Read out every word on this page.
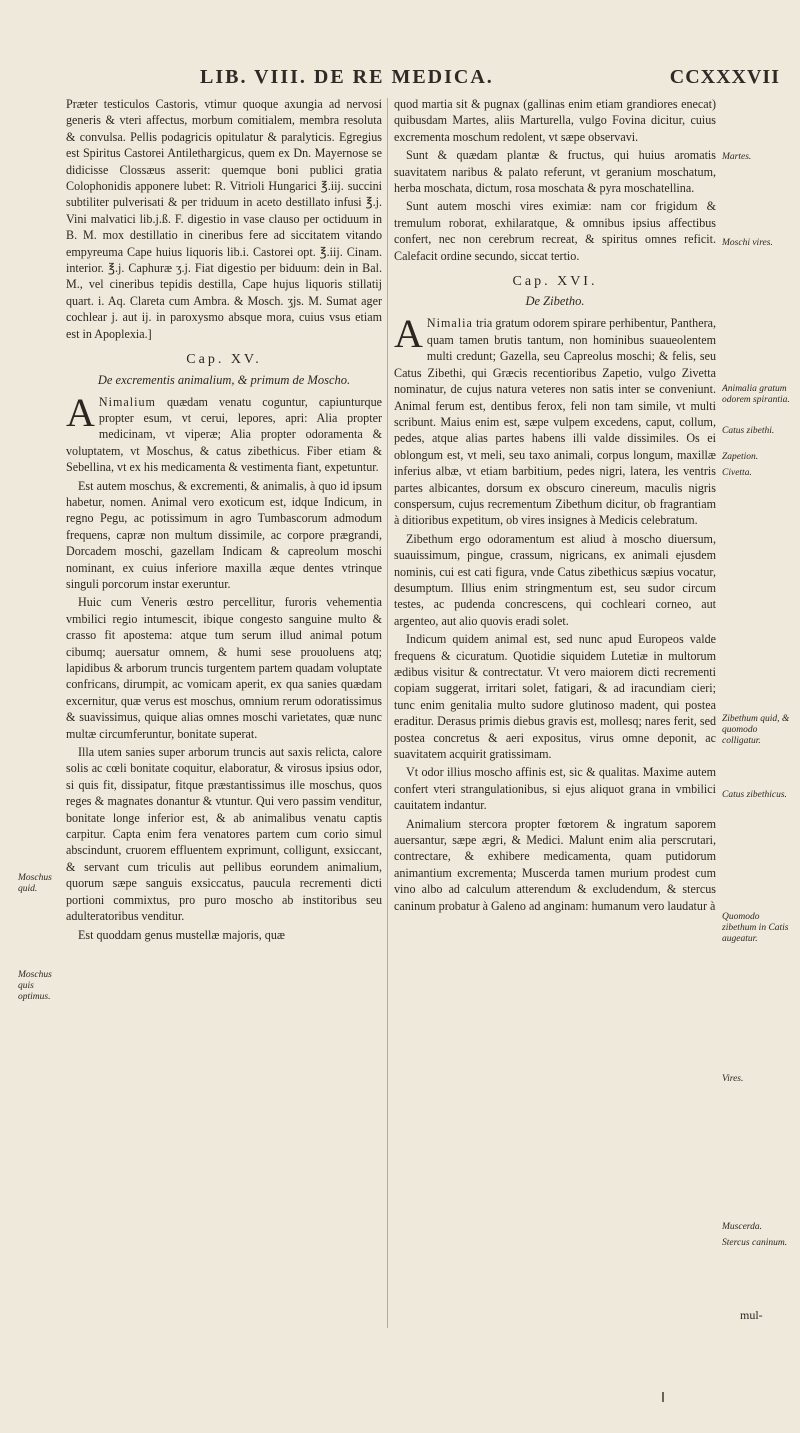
LIB. VIII. DE RE MEDICA.	CCXXXVII

Præter testiculos Castoris, vtimur quoque axungia ad nervosi generis & vteri affectus, morbum comitialem, membra resoluta & convulsa. Pellis podagricis opitulatur & paralyticis. Egregius est Spiritus Castorei Antilethargicus, quem ex Dn. Mayernose se didicisse Clossæus asserit: quemque boni publici gratia Colophonidis apponere lubet: R. Vitrioli Hungarici ℥.iij. succini subtiliter pulverisati & per triduum in aceto destillato infusi ℥.j. Vini malvatici lib.j.ß. F. digestio in vase clauso per octiduum in B. M. mox destillatio in cineribus fere ad siccitatem vitando empyreuma Cape huius liquoris lib.i. Castorei opt. ℥.iij. Cinam. interior. ℥.j. Caphuræ ʒ.j. Fiat digestio per biduum: dein in Bal. M., vel cineribus tepidis destilla, Cape hujus liquoris stillatij quart. i. Aq. Clareta cum Ambra. & Mosch. ʒjs. M. Sumat ager cochlear j. aut ij. in paroxysmo absque mora, cuius vsus etiam est in Apoplexia.]

Cap. XV.
De excrementis animalium, & primum de Moscho.

A Nimalium quædam venatu coguntur, capiunturque propter esum, vt cerui, lepores, apri: Alia propter medicinam, vt viperæ; Alia propter odoramenta & voluptatem, vt Moschus, & catus zibethicus. Fiber etiam & Sebellina, vt ex his medicamenta & vestimenta fiant, expetuntur.

Est autem moschus, & excrementi, & animalis, à quo id ipsum habetur, nomen. Animal vero exoticum est, idque Indicum, in regno Pegu, ac potissimum in agro Tumbascorum admodum frequens, capræ non multum dissimile, ac corpore prægrandi, Dorcadem moschi, gazellam Indicam & capreolum moschi nominant, ex cuius inferiore maxilla æque dentes vtrinque singuli porcorum instar exeruntur.

Huic cum Veneris œstro percellitur, furoris vehementia vmbilici regio intumescit, ibique congesto sanguine multo & crasso fit apostema: atque tum serum illud animal potum cibumq; auersatur omnem, & humi sese prouoluens atq; lapidibus & arborum truncis turgentem partem quadam voluptate confricans, dirumpit, ac vomicam aperit, ex qua sanies quædam excernitur, quæ verus est moschus, omnium rerum odoratissimus & suavissimus, quique alias omnes moschi varietates, quæ nunc multæ circumferuntur, bonitate superat.

Illa utem sanies super arborum truncis aut saxis relicta, calore solis ac cœli bonitate coquitur, elaboratur, & virosus ipsius odor, si quis fit, dissipatur, fitque præstantissimus ille moschus, quos reges & magnates donantur & vtuntur. Qui vero passim venditur, bonitate longe inferior est, & ab animalibus venatu captis carpitur. Capta enim fera venatores partem cum corio simul abscindunt, cruorem effluentem exprimunt, colligunt, exsiccant, & servant cum triculis aut pellibus eorundem animalium, quorum sæpe sanguis exsiccatus, paucula recrementi dicti portioni commixtus, pro puro moscho ab institoribus seu adulteratoribus venditur.

Est quoddam genus mustellæ majoris, quæ

Moschus quid.
Moschus quis optimus.

quod martia sit & pugnax (gallinas enim etiam grandiores enecat) quibusdam Martes, aliis Marturella, vulgo Fovina dicitur, cuius excrementa moschum redolent, vt sæpe observavi.

Sunt & quædam plantæ & fructus, qui huius aromatis suavitatem naribus & palato referunt, vt geranium moschatum, herba moschata, dictum, rosa moschata & pyra moschatellina.

Sunt autem moschi vires eximiæ: nam cor frigidum & tremulum roborat, exhilaratque, & omnibus ipsius affectibus confert, nec non cerebrum recreat, & spiritus omnes reficit. Calefacit ordine secundo, siccat tertio.

Cap. XVI.
De Zibetho.

A Nimalia tria gratum odorem spirare perhibentur, Panthera, quam tamen brutis tantum, non hominibus suaueolentem multi credunt; Gazella, seu Capreolus moschi; & felis, seu Catus Zibethi, qui Græcis recentioribus Zapetio, vulgo Zivetta nominatur, de cujus natura veteres non satis inter se conveniunt. Animal ferum est, dentibus ferox, feli non tam simile, vt multi scribunt. Maius enim est, sæpe vulpem excedens, caput, collum, pedes, atque alias partes habens illi valde dissimiles. Os ei oblongum est, vt meli, seu taxo animali, corpus longum, maxillæ inferius albæ, vt etiam barbitium, pedes nigri, latera, les ventris partes albicantes, dorsum ex obscuro cinereum, maculis nigris conspersum, cujus recrementum Zibethum dicitur, ob fragrantiam à ditioribus expetitum, ob vires insignes à Medicis celebratum.

Zibethum ergo odoramentum est aliud à moscho diuersum, suauissimum, pingue, crassum, nigricans, ex animali ejusdem nominis, cui est cati figura, vnde Catus zibethicus sæpius vocatur, desumptum. Illius enim stringmentum est, seu sudor circum testes, ac pudenda concrescens, qui cochleari corneo, aut argenteo, aut alio quovis eradi solet.

Indicum quidem animal est, sed nunc apud Europeos valde frequens & cicuratum. Quotidie siquidem Lutetiæ in multorum ædibus visitur & contrectatur. Vt vero maiorem dicti recrementi copiam suggerat, irritari solet, fatigari, & ad iracundiam cieri; tunc enim genitalia multo sudore glutinoso madent, qui postea eraditur. Derasus primis diebus gravis est, mollesq; nares ferit, sed postea concretus & aeri expositus, virus omne deponit, ac suavitatem acquirit gratissimam.

Vt odor illius moscho affinis est, sic & qualitas. Maxime autem confert vteri strangulationibus, si ejus aliquot grana in vmbilici cauitatem indantur.

Animalium stercora propter fœtorem & ingratum saporem auersantur, sæpe ægri, & Medici. Malunt enim alia perscrutari, contrectare, & exhibere medicamenta, quam putidorum animantium excrementa; Muscerda tamen murium prodest cum vino albo ad calculum atterendum & excludendum, & stercus caninum probatur à Galeno ad anginam: humanum vero laudatur à

Martes.
Moschi vires.
Animalia gratum odorem spirantia.
Catus zibethi.
Zapetion.
Civetta.
Zibethum quid, & quomodo colligatur.
Catus zibethicus.
Quomodo zibethum in Catis augeatur.
Vires.
Muscerda.
Stercus caninum.
mul-
